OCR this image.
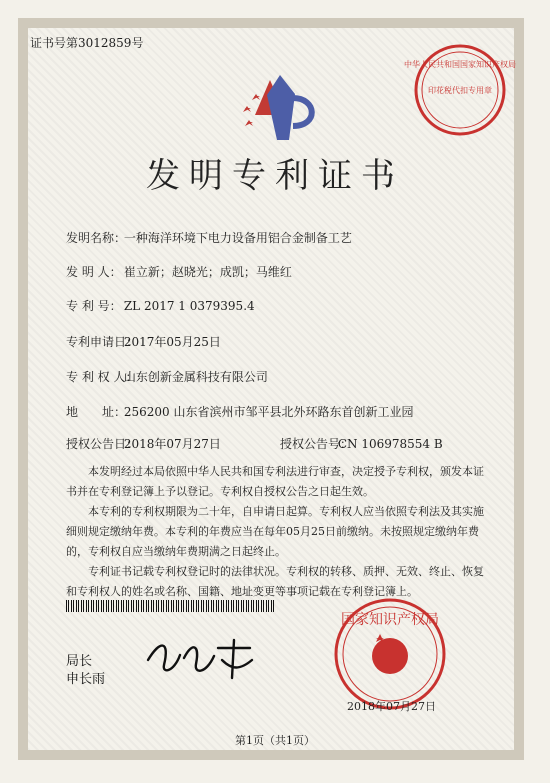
证书号第3012859号
中华人民共和国国家知识产权局
印花税代扣专用章
发明专利证书
发明名称： 一种海洋环境下电力设备用铝合金制备工艺
发 明 人： 崔立新；赵晓光；成凯；马维红
专 利 号： ZL 2017 1 0379395.4
专利申请日： 2017年05月25日
专 利 权 人： 山东创新金属科技有限公司
地　　址： 256200 山东省滨州市邹平县北外环路东首创新工业园
授权公告日： 2018年07月27日	授权公告号： CN 106978554 B

本发明经过本局依照中华人民共和国专利法进行审查，决定授予专利权，颁发本证书并在专利登记簿上予以登记。专利权自授权公告之日起生效。

本专利的专利权期限为二十年，自申请日起算。专利权人应当依照专利法及其实施细则规定缴纳年费。本专利的年费应当在每年05月25日前缴纳。未按照规定缴纳年费的，专利权自应当缴纳年费期满之日起终止。

专利证书记载专利权登记时的法律状况。专利权的转移、质押、无效、终止、恢复和专利权人的姓名或名称、国籍、地址变更等事项记载在专利登记簿上。

局长
申长雨
国家知识产权局
2018年07月27日
第1页（共1页）
